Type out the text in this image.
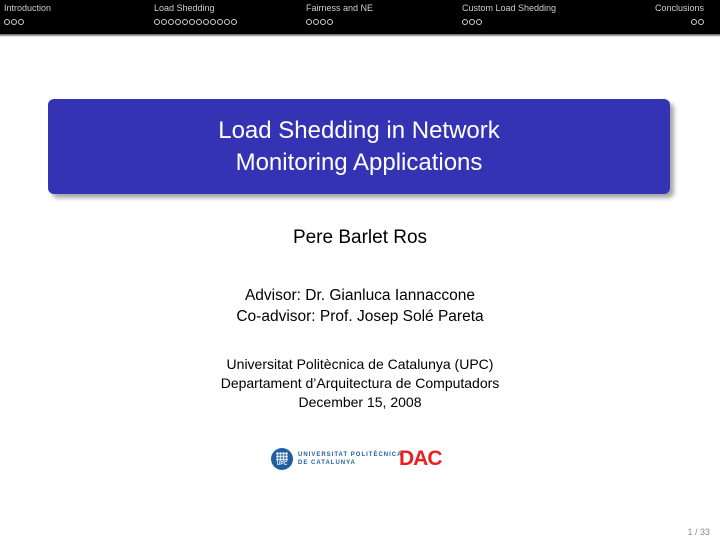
Introduction	Load Shedding	Fairness and NE	Custom Load Shedding	Conclusions
Load Shedding in Network
Monitoring Applications
Pere Barlet Ros
Advisor: Dr. Gianluca Iannaccone
Co-advisor: Prof. Josep Solé Pareta
Universitat Politècnica de Catalunya (UPC)
Departament d’Arquitectura de Computadors
December 15, 2008
UPC
UNIVERSITAT POLITÈCNICA
DE CATALUNYA	DAC
1 / 33
